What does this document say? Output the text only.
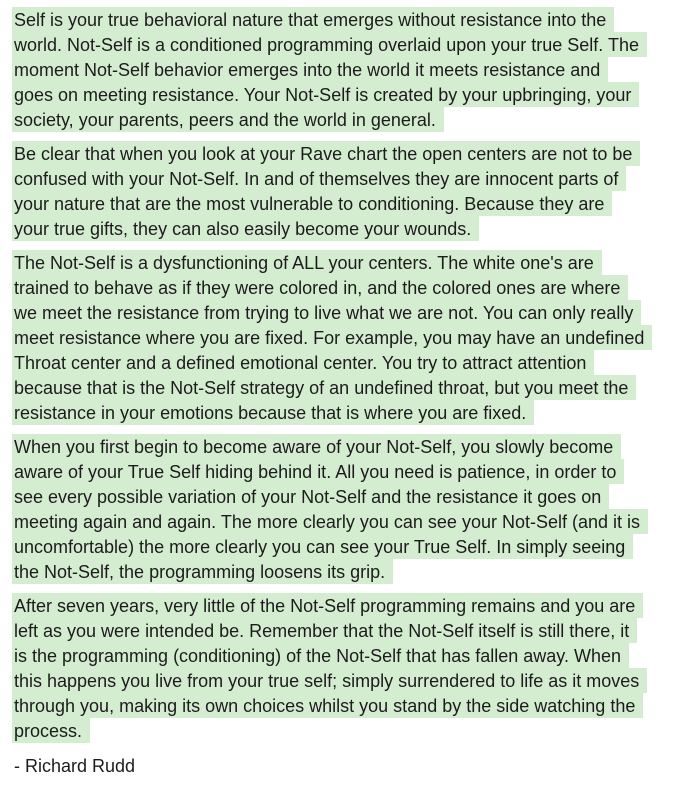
Self is your true behavioral nature that emerges without resistance into the
world. Not-Self is a conditioned programming overlaid upon your true Self. The
moment Not-Self behavior emerges into the world it meets resistance and
goes on meeting resistance. Your Not-Self is created by your upbringing, your
society, your parents, peers and the world in general.
Be clear that when you look at your Rave chart the open centers are not to be
confused with your Not-Self. In and of themselves they are innocent parts of
your nature that are the most vulnerable to conditioning. Because they are
your true gifts, they can also easily become your wounds.
The Not-Self is a dysfunctioning of ALL your centers. The white one's are
trained to behave as if they were colored in, and the colored ones are where
we meet the resistance from trying to live what we are not. You can only really
meet resistance where you are fixed. For example, you may have an undefined
Throat center and a defined emotional center. You try to attract attention
because that is the Not-Self strategy of an undefined throat, but you meet the
resistance in your emotions because that is where you are fixed.
When you first begin to become aware of your Not-Self, you slowly become
aware of your True Self hiding behind it. All you need is patience, in order to
see every possible variation of your Not-Self and the resistance it goes on
meeting again and again. The more clearly you can see your Not-Self (and it is
uncomfortable) the more clearly you can see your True Self. In simply seeing
the Not-Self, the programming loosens its grip.
After seven years, very little of the Not-Self programming remains and you are
left as you were intended be. Remember that the Not-Self itself is still there, it
is the programming (conditioning) of the Not-Self that has fallen away. When
this happens you live from your true self; simply surrendered to life as it moves
through you, making its own choices whilst you stand by the side watching the
process.
- Richard Rudd
